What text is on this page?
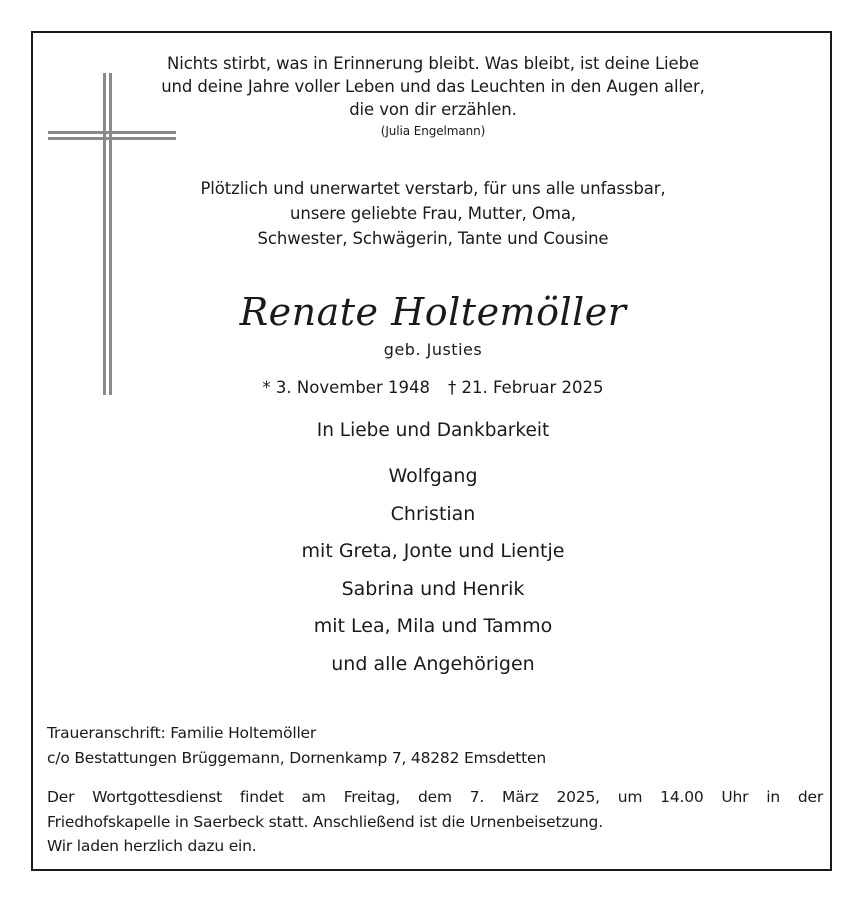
Nichts stirbt, was in Erinnerung bleibt. Was bleibt, ist deine Liebe
und deine Jahre voller Leben und das Leuchten in den Augen aller,
die von dir erzählen.
(Julia Engelmann)
Plötzlich und unerwartet verstarb, für uns alle unfassbar,
unsere geliebte Frau, Mutter, Oma,
Schwester, Schwägerin, Tante und Cousine
Renate Holtemöller
geb. Justies
* 3. November 1948 † 21. Februar 2025
In Liebe und Dankbarkeit
Wolfgang
Christian
mit Greta, Jonte und Lientje
Sabrina und Henrik
mit Lea, Mila und Tammo
und alle Angehörigen
Traueranschrift: Familie Holtemöller
c/o Bestattungen Brüggemann, Dornenkamp 7, 48282 Emsdetten
Der Wortgottesdienst findet am Freitag, dem 7. März 2025, um 14.00 Uhr in der
Friedhofskapelle in Saerbeck statt. Anschließend ist die Urnenbeisetzung.
Wir laden herzlich dazu ein.
